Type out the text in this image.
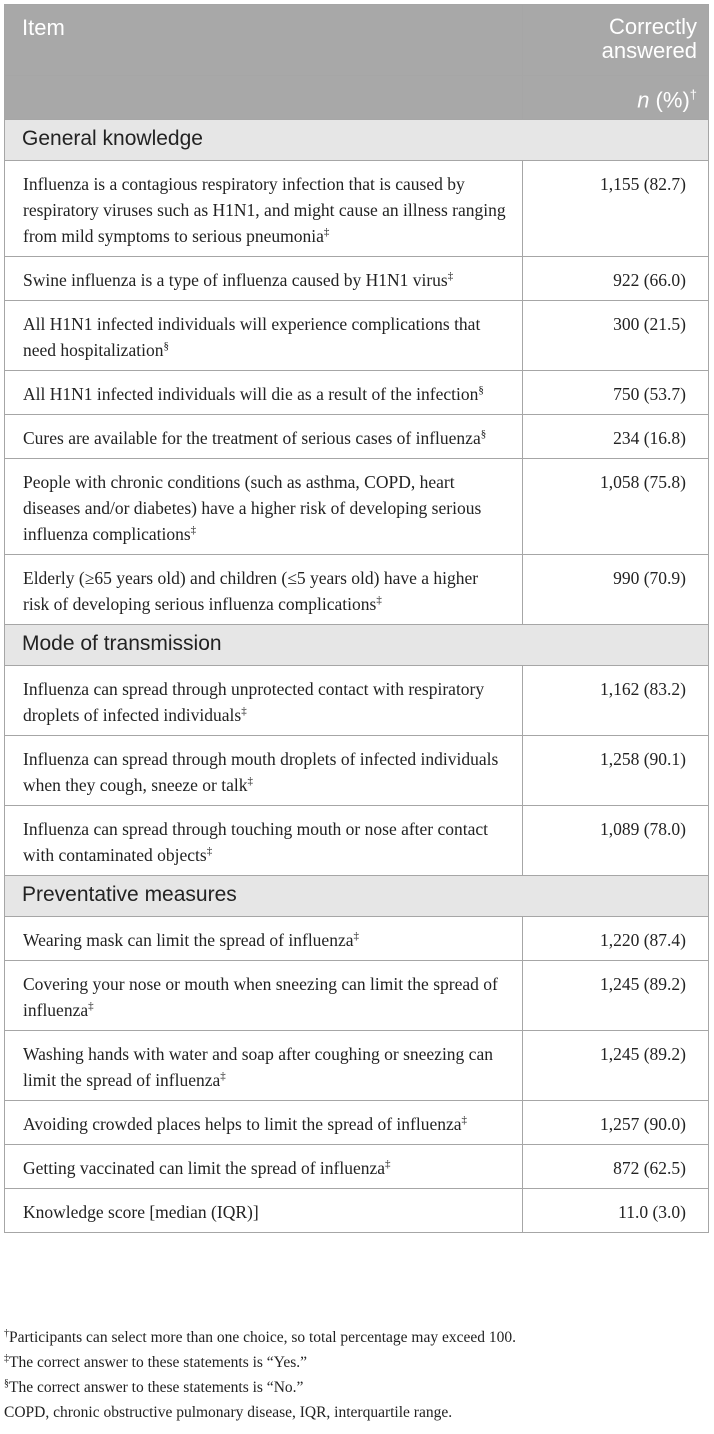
Item	Correctly
answered
	n (%)†
General knowledge	
Influenza is a contagious respiratory infection that is caused by respiratory viruses such as H1N1, and might cause an illness ranging from mild symptoms to serious pneumonia‡	1,155 (82.7)
Swine influenza is a type of influenza caused by H1N1 virus‡	922 (66.0)
All H1N1 infected individuals will experience complications that need hospitalization§	300 (21.5)
All H1N1 infected individuals will die as a result of the infection§	750 (53.7)
Cures are available for the treatment of serious cases of influenza§	234 (16.8)
People with chronic conditions (such as asthma, COPD, heart diseases and/or diabetes) have a higher risk of developing serious influenza complications‡	1,058 (75.8)
Elderly (≥65 years old) and children (≤5 years old) have a higher risk of developing serious influenza complications‡	990 (70.9)
Mode of transmission	
Influenza can spread through unprotected contact with respiratory droplets of infected individuals‡	1,162 (83.2)
Influenza can spread through mouth droplets of infected individuals when they cough, sneeze or talk‡	1,258 (90.1)
Influenza can spread through touching mouth or nose after contact with contaminated objects‡	1,089 (78.0)
Preventative measures	
Wearing mask can limit the spread of influenza‡	1,220 (87.4)
Covering your nose or mouth when sneezing can limit the spread of influenza‡	1,245 (89.2)
Washing hands with water and soap after coughing or sneezing can limit the spread of influenza‡	1,245 (89.2)
Avoiding crowded places helps to limit the spread of influenza‡	1,257 (90.0)
Getting vaccinated can limit the spread of influenza‡	872 (62.5)
Knowledge score [median (IQR)]	11.0 (3.0)
†Participants can select more than one choice, so total percentage may exceed 100.
‡The correct answer to these statements is “Yes.”
§The correct answer to these statements is “No.”
COPD, chronic obstructive pulmonary disease, IQR, interquartile range.
